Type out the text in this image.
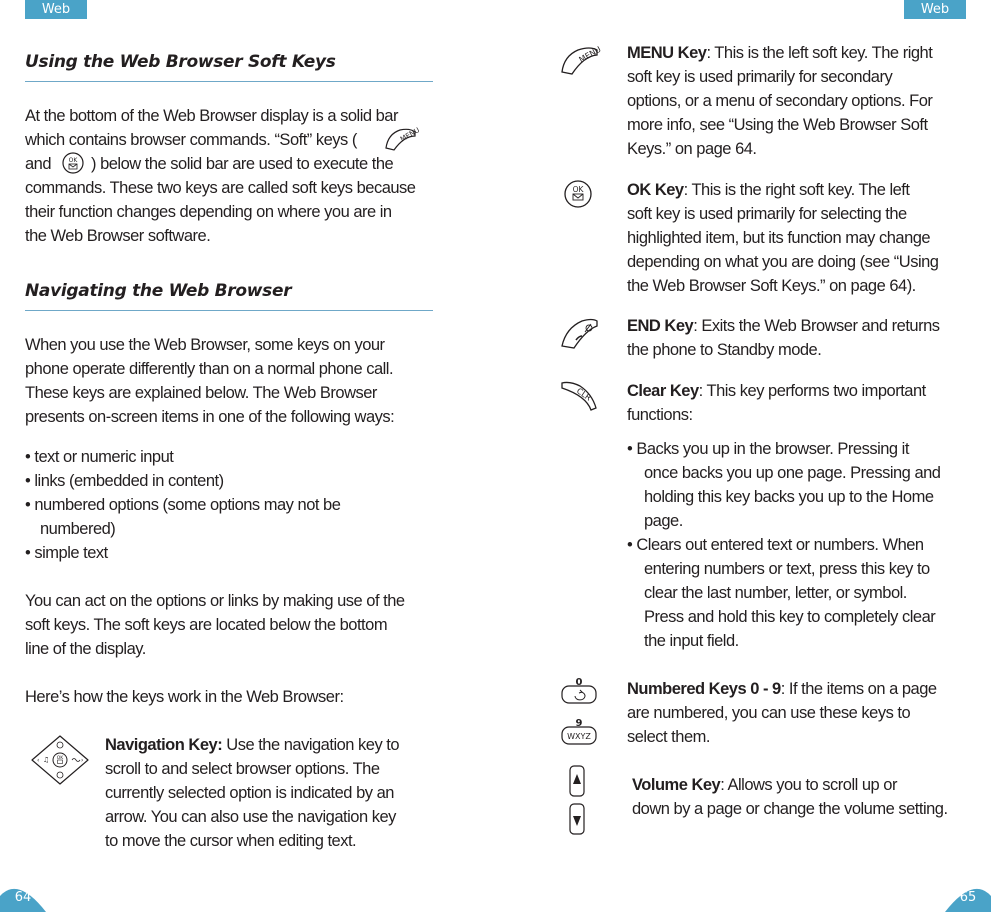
Web	Web
Using the Web Browser Soft Keys
At the bottom of the Web Browser display is a solid bar
which contains browser commands. “Soft” keys (	MENU
and	OK ) below the solid bar are used to execute the
commands. These two keys are called soft keys because
their function changes depending on where you are in
the Web Browser software.
Navigating the Web Browser
When you use the Web Browser, some keys on your
phone operate differently than on a normal phone call.
These keys are explained below. The Web Browser
presents on-screen items in one of the following ways:
• text or numeric input
• links (embedded in content)
• numbered options (some options may not be
numbered)
• simple text
You can act on the options or links by making use of the
soft keys. The soft keys are located below the bottom
line of the display.
Here’s how the keys work in the Web Browser:
OK
♫
‹	›
Navigation Key: Use the navigation key to
scroll to and select browser options. The
currently selected option is indicated by an
arrow. You can also use the navigation key
to move the cursor when editing text.
64
MENU MENU Key: This is the left soft key. The right
soft key is used primarily for secondary
options, or a menu of secondary options. For
more info, see “Using the Web Browser Soft
Keys.” on page 64.
OK	OK Key: This is the right soft key. The left
soft key is used primarily for selecting the
highlighted item, but its function may change
depending on what you are doing (see “Using
the Web Browser Soft Keys.” on page 64).
END Key: Exits the Web Browser and returns
the phone to Standby mode.
CLR Clear Key: This key performs two important
functions:
• Backs you up in the browser. Pressing it
once backs you up one page. Pressing and
holding this key backs you up to the Home
page.
• Clears out entered text or numbers. When
entering numbers or text, press this key to
clear the last number, letter, or symbol.
Press and hold this key to completely clear
the input field.
0
9
WXYZ
Numbered Keys 0 - 9: If the items on a page
are numbered, you can use these keys to
select them.
Volume Key: Allows you to scroll up or
down by a page or change the volume setting.
65
